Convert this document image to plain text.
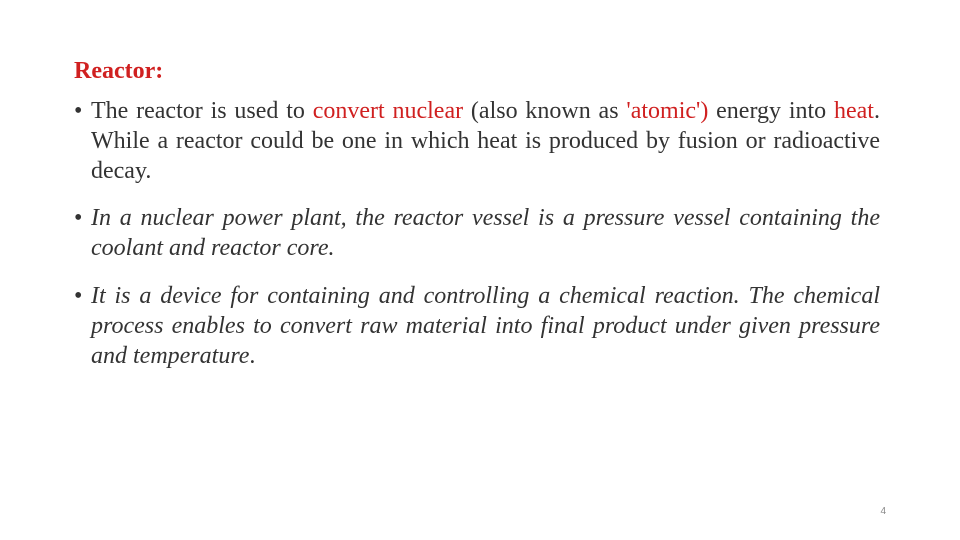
Reactor:
• The reactor is used to convert nuclear (also known as 'atomic') energy into heat. While a reactor could be one in which heat is produced by fusion or radioactive decay.
• In a nuclear power plant, the reactor vessel is a pressure vessel containing the coolant and reactor core.
• It is a device for containing and controlling a chemical reaction. The chemical process enables to convert raw material into final product under given pressure and temperature.
4
